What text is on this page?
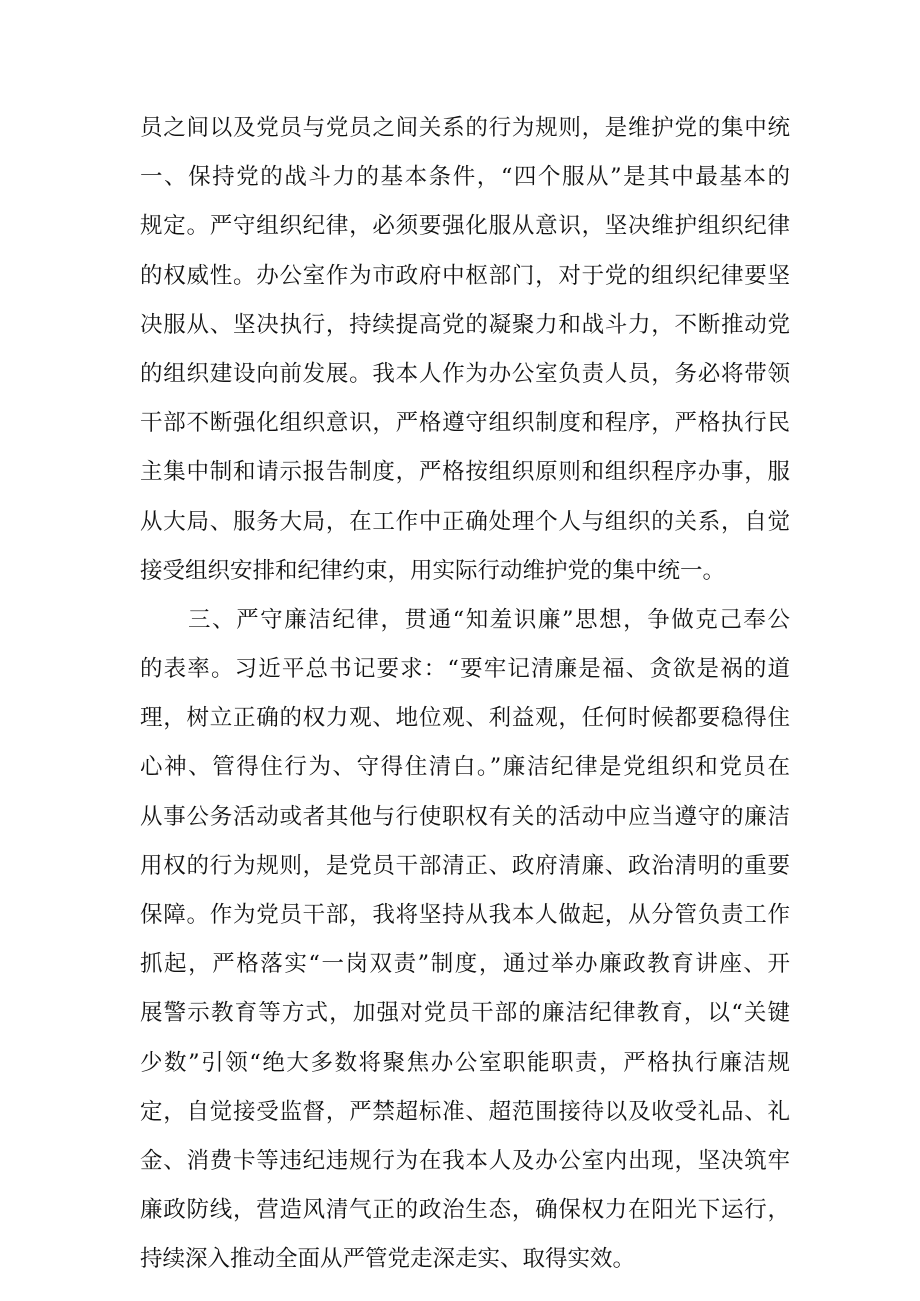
员之间以及党员与党员之间关系的行为规则，是维护党的集中统
一、保持党的战斗力的基本条件，“四个服从”是其中最基本的
规定。严守组织纪律，必须要强化服从意识，坚决维护组织纪律
的权威性。办公室作为市政府中枢部门，对于党的组织纪律要坚
决服从、坚决执行，持续提高党的凝聚力和战斗力，不断推动党
的组织建设向前发展。我本人作为办公室负责人员，务必将带领
干部不断强化组织意识，严格遵守组织制度和程序，严格执行民
主集中制和请示报告制度，严格按组织原则和组织程序办事，服
从大局、服务大局，在工作中正确处理个人与组织的关系，自觉
接受组织安排和纪律约束，用实际行动维护党的集中统一。
三、严守廉洁纪律，贯通“知羞识廉”思想，争做克己奉公
的表率。习近平总书记要求：“要牢记清廉是福、贪欲是祸的道
理，树立正确的权力观、地位观、利益观，任何时候都要稳得住
心神、管得住行为、守得住清白。”廉洁纪律是党组织和党员在
从事公务活动或者其他与行使职权有关的活动中应当遵守的廉洁
用权的行为规则，是党员干部清正、政府清廉、政治清明的重要
保障。作为党员干部，我将坚持从我本人做起，从分管负责工作
抓起，严格落实“一岗双责”制度，通过举办廉政教育讲座、开
展警示教育等方式，加强对党员干部的廉洁纪律教育，以“关键
少数”引领“绝大多数将聚焦办公室职能职责，严格执行廉洁规
定，自觉接受监督，严禁超标准、超范围接待以及收受礼品、礼
金、消费卡等违纪违规行为在我本人及办公室内出现，坚决筑牢
廉政防线，营造风清气正的政治生态，确保权力在阳光下运行，
持续深入推动全面从严管党走深走实、取得实效。
